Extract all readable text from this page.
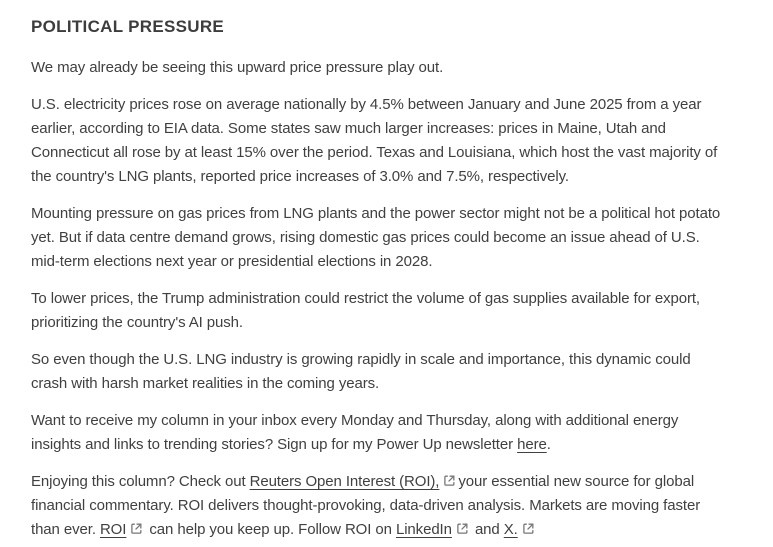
POLITICAL PRESSURE

We may already be seeing this upward price pressure play out.

U.S. electricity prices rose on average nationally by 4.5% between January and June 2025 from a year earlier, according to EIA data. Some states saw much larger increases: prices in Maine, Utah and Connecticut all rose by at least 15% over the period. Texas and Louisiana, which host the vast majority of the country's LNG plants, reported price increases of 3.0% and 7.5%, respectively.

Mounting pressure on gas prices from LNG plants and the power sector might not be a political hot potato yet. But if data centre demand grows, rising domestic gas prices could become an issue ahead of U.S. mid-term elections next year or presidential elections in 2028.

To lower prices, the Trump administration could restrict the volume of gas supplies available for export, prioritizing the country's AI push.

So even though the U.S. LNG industry is growing rapidly in scale and importance, this dynamic could crash with harsh market realities in the coming years.

Want to receive my column in your inbox every Monday and Thursday, along with additional energy insights and links to trending stories? Sign up for my Power Up newsletter here.

Enjoying this column? Check out Reuters Open Interest (ROI), your essential new source for global financial commentary. ROI delivers thought-provoking, data-driven analysis. Markets are moving faster than ever. ROI
can help you keep up. Follow ROI on LinkedIn
and X.
